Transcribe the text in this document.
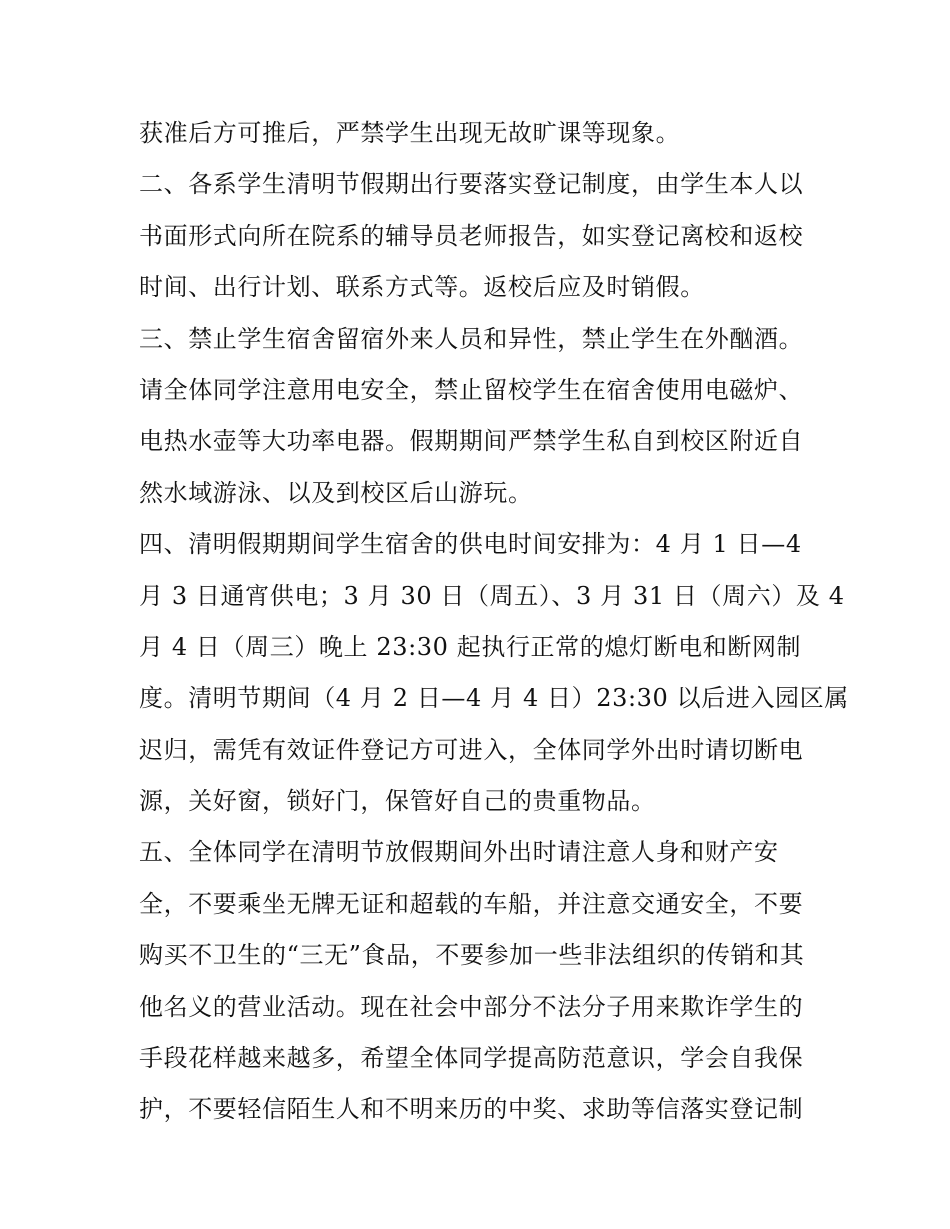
获准后方可推后，严禁学生出现无故旷课等现象。
二、各系学生清明节假期出行要落实登记制度，由学生本人以
书面形式向所在院系的辅导员老师报告，如实登记离校和返校
时间、出行计划、联系方式等。返校后应及时销假。
三、禁止学生宿舍留宿外来人员和异性，禁止学生在外酗酒。
请全体同学注意用电安全，禁止留校学生在宿舍使用电磁炉、
电热水壶等大功率电器。假期期间严禁学生私自到校区附近自
然水域游泳、以及到校区后山游玩。
四、清明假期期间学生宿舍的供电时间安排为：4 月 1 日—4
月 3 日通宵供电；3 月 30 日（周五）、3 月 31 日（周六）及 4
月 4 日（周三）晚上 23:30 起执行正常的熄灯断电和断网制
度。清明节期间（4 月 2 日—4 月 4 日）23:30 以后进入园区属
迟归，需凭有效证件登记方可进入，全体同学外出时请切断电
源，关好窗，锁好门，保管好自己的贵重物品。
五、全体同学在清明节放假期间外出时请注意人身和财产安
全，不要乘坐无牌无证和超载的车船，并注意交通安全，不要
购买不卫生的“三无”食品，不要参加一些非法组织的传销和其
他名义的营业活动。现在社会中部分不法分子用来欺诈学生的
手段花样越来越多，希望全体同学提高防范意识，学会自我保
护，不要轻信陌生人和不明来历的中奖、求助等信落实登记制
